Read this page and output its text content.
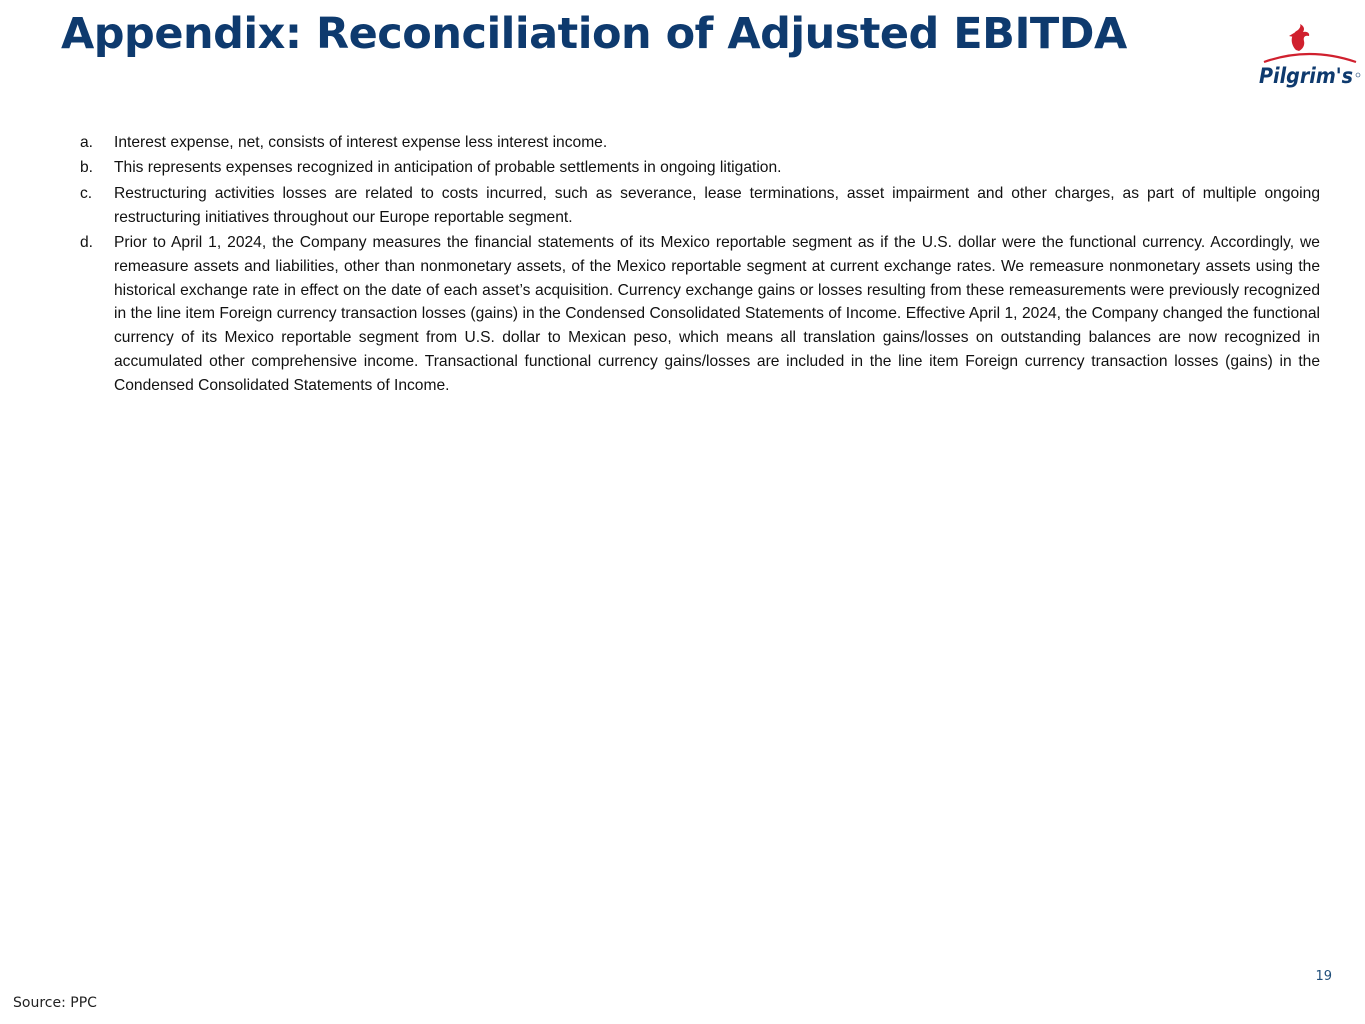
Appendix: Reconciliation of Adjusted EBITDA
Pilgrim's
a.	Interest expense, net, consists of interest expense less interest income.
b.	This represents expenses recognized in anticipation of probable settlements in ongoing litigation.
c.	Restructuring activities losses are related to costs incurred, such as severance, lease terminations, asset impairment and other charges, as part of multiple ongoing restructuring initiatives throughout our Europe reportable segment.
d.	Prior to April 1, 2024, the Company measures the financial statements of its Mexico reportable segment as if the U.S. dollar were the functional currency. Accordingly, we remeasure assets and liabilities, other than nonmonetary assets, of the Mexico reportable segment at current exchange rates. We remeasure nonmonetary assets using the historical exchange rate in effect on the date of each asset’s acquisition. Currency exchange gains or losses resulting from these remeasurements were previously recognized in the line item Foreign currency transaction losses (gains) in the Condensed Consolidated Statements of Income. Effective April 1, 2024, the Company changed the functional currency of its Mexico reportable segment from U.S. dollar to Mexican peso, which means all translation gains/losses on outstanding balances are now recognized in accumulated other comprehensive income. Transactional functional currency gains/losses are included in the line item Foreign currency transaction losses (gains) in the Condensed Consolidated Statements of Income.
19
Source: PPC
